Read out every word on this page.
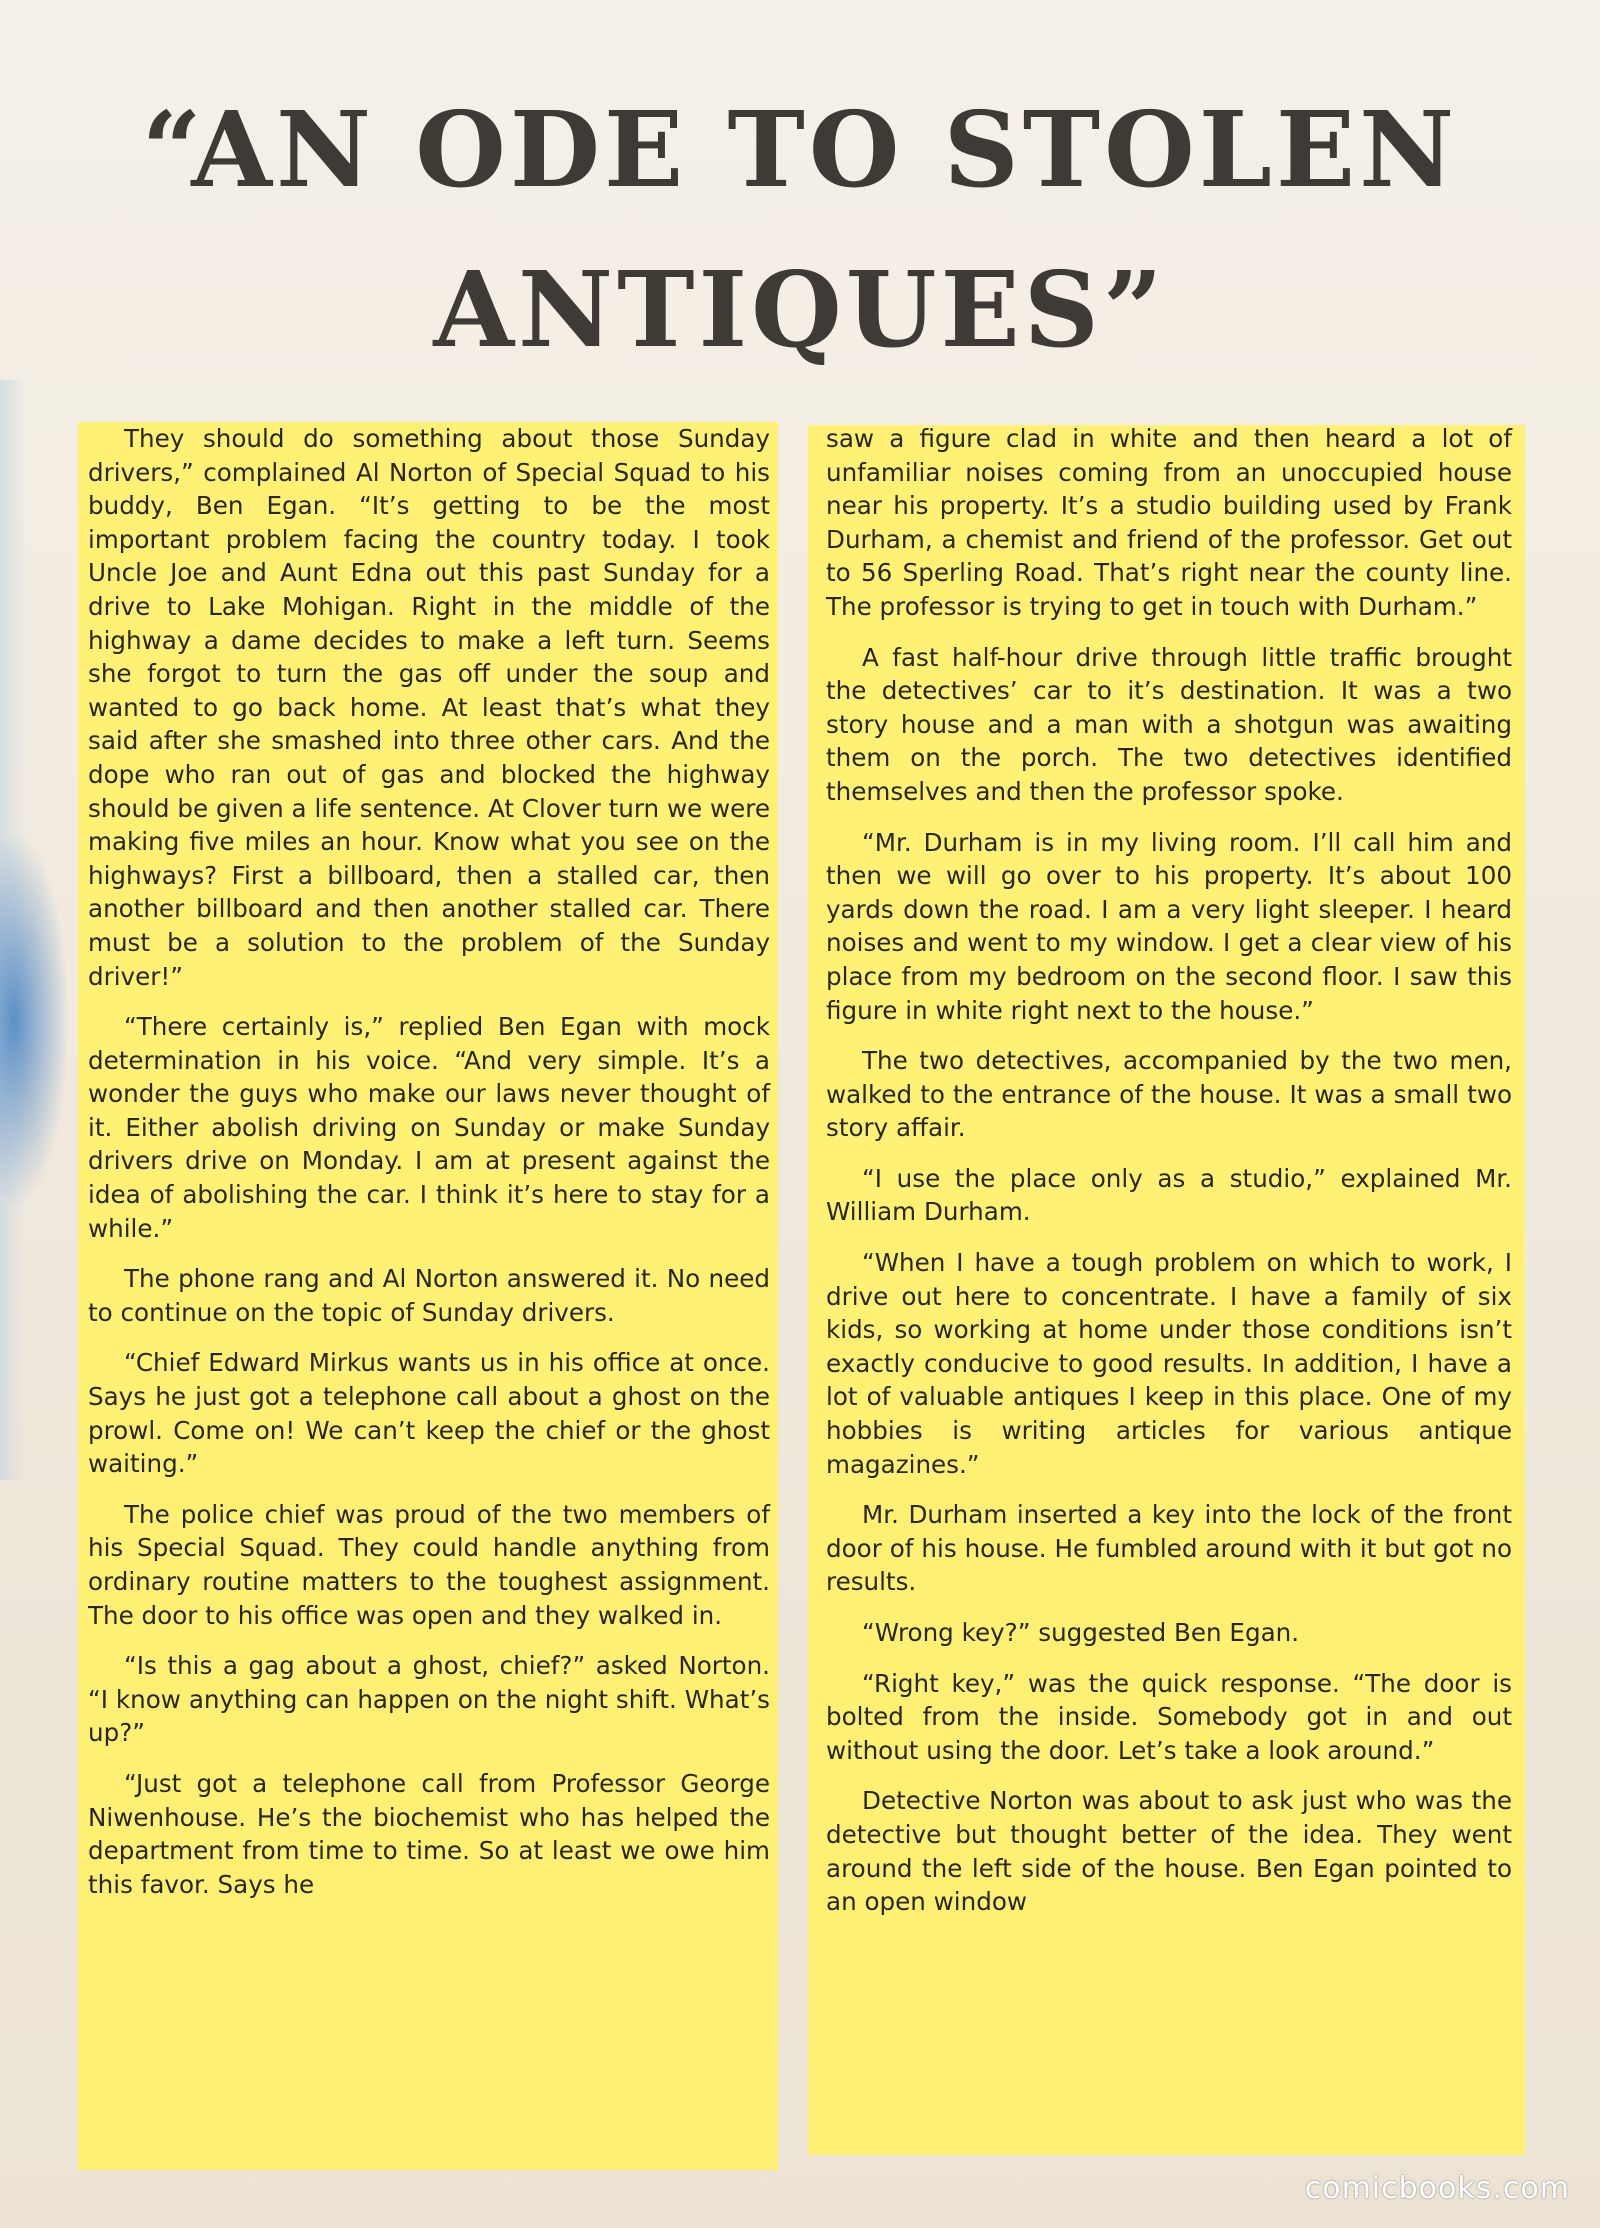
“AN ODE TO STOLEN ANTIQUES”

They should do something about those Sunday drivers,” complained Al Norton of Special Squad to his buddy, Ben Egan. “It’s getting to be the most important problem facing the country today. I took Uncle Joe and Aunt Edna out this past Sunday for a drive to Lake Mohigan. Right in the middle of the highway a dame decides to make a left turn. Seems she forgot to turn the gas off under the soup and wanted to go back home. At least that’s what they said after she smashed into three other cars. And the dope who ran out of gas and blocked the highway should be given a life sentence. At Clover turn we were making five miles an hour. Know what you see on the highways? First a billboard, then a stalled car, then another billboard and then another stalled car. There must be a solution to the problem of the Sunday driver!”

“There certainly is,” replied Ben Egan with mock determination in his voice. “And very simple. It’s a wonder the guys who make our laws never thought of it. Either abolish driving on Sunday or make Sunday drivers drive on Monday. I am at present against the idea of abolishing the car. I think it’s here to stay for a while.”

The phone rang and Al Norton answered it. No need to continue on the topic of Sunday drivers.

“Chief Edward Mirkus wants us in his office at once. Says he just got a telephone call about a ghost on the prowl. Come on! We can’t keep the chief or the ghost waiting.”

The police chief was proud of the two members of his Special Squad. They could handle anything from ordinary routine matters to the toughest assignment. The door to his office was open and they walked in.

“Is this a gag about a ghost, chief?” asked Norton. “I know anything can happen on the night shift. What’s up?”

“Just got a telephone call from Professor George Niwenhouse. He’s the biochemist who has helped the department from time to time. So at least we owe him this favor. Says he

saw a figure clad in white and then heard a lot of unfamiliar noises coming from an unoccupied house near his property. It’s a studio building used by Frank Durham, a chemist and friend of the professor. Get out to 56 Sperling Road. That’s right near the county line. The professor is trying to get in touch with Durham.”

A fast half-hour drive through little traffic brought the detectives’ car to it’s destination. It was a two story house and a man with a shotgun was awaiting them on the porch. The two detectives identified themselves and then the professor spoke.

“Mr. Durham is in my living room. I’ll call him and then we will go over to his property. It’s about 100 yards down the road. I am a very light sleeper. I heard noises and went to my window. I get a clear view of his place from my bedroom on the second floor. I saw this figure in white right next to the house.”

The two detectives, accompanied by the two men, walked to the entrance of the house. It was a small two story affair.

“I use the place only as a studio,” explained Mr. William Durham.

“When I have a tough problem on which to work, I drive out here to concentrate. I have a family of six kids, so working at home under those conditions isn’t exactly conducive to good results. In addition, I have a lot of valuable antiques I keep in this place. One of my hobbies is writing articles for various antique magazines.”

Mr. Durham inserted a key into the lock of the front door of his house. He fumbled around with it but got no results.

“Wrong key?” suggested Ben Egan.

“Right key,” was the quick response. “The door is bolted from the inside. Somebody got in and out without using the door. Let’s take a look around.”

Detective Norton was about to ask just who was the detective but thought better of the idea. They went around the left side of the house. Ben Egan pointed to an open window

comicbooks.com
